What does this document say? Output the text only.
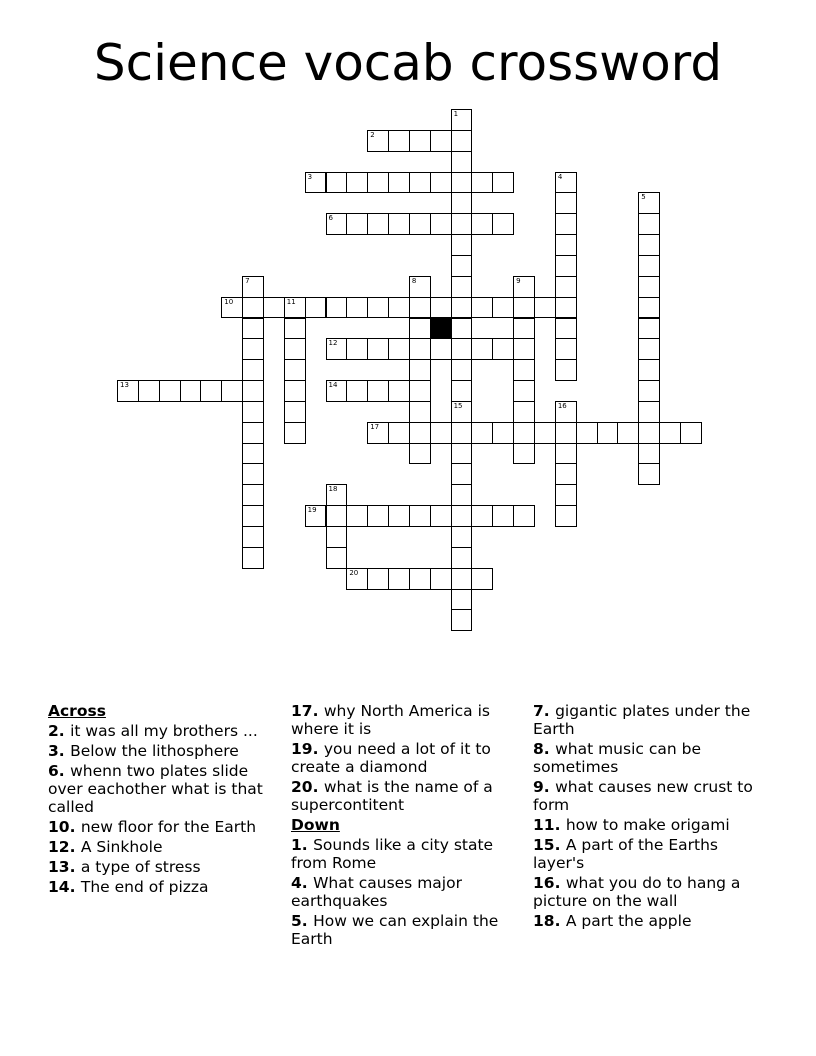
Science vocab crossword
1
15
2
3	4
5
6
7	8	9
10	11
12
13	14
16
17
18
19
20
Across
2. it was all my brothers ...
3. Below the lithosphere
6. whenn two plates slide over eachother what is that called
10. new floor for the Earth
12. A Sinkhole
13. a type of stress
14. The end of pizza
17. why North America is where it is
19. you need a lot of it to create a diamond
20. what is the name of a supercontitent
Down
1. Sounds like a city state from Rome
4. What causes major earthquakes
5. How we can explain the Earth
7. gigantic plates under the Earth
8. what music can be sometimes
9. what causes new crust to form
11. how to make origami
15. A part of the Earths layer's
16. what you do to hang a picture on the wall
18. A part the apple
